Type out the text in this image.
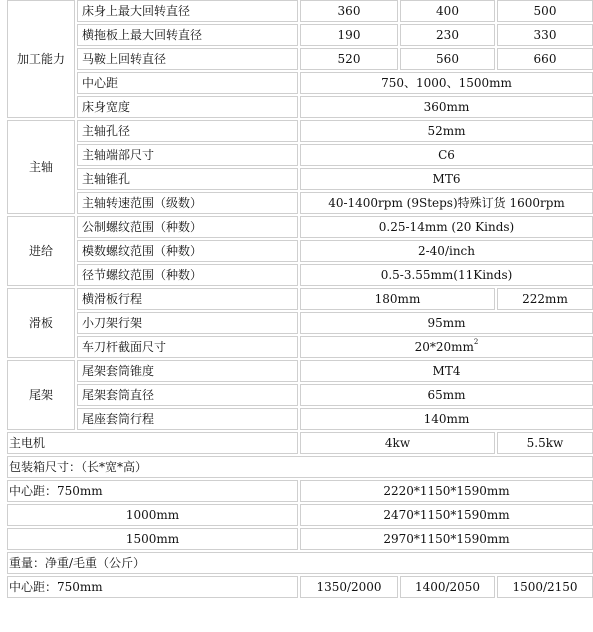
加工能力	床身上最大回转直径	360	400	500
	横拖板上最大回转直径	190	230	330
	马鞍上回转直径	520	560	660
	中心距	750、1000、1500mm		
	床身宽度	360mm		
主轴	主轴孔径	52mm		
	主轴端部尺寸	C6		
	主轴锥孔	MT6		
	主轴转速范围（级数）	40-1400rpm (9Steps)特殊订货 1600rpm		
进给	公制螺纹范围（种数）	0.25-14mm (20 Kinds)		
	模数螺纹范围（种数）	2-40/inch		
	径节螺纹范围（种数）	0.5-3.55mm(11Kinds)		
滑板	横滑板行程	180mm		222mm
	小刀架行架	95mm		
	车刀杆截面尺寸	$20*20mm^2$
尾架	尾架套筒锥度	MT4		
	尾架套筒直径	65mm		
	尾座套筒行程	140mm		
主电机		4kw		5.5kw
包装箱尺寸：（长*宽*高）				
中心距：750mm		2220*1150*1590mm		
1000mm		2470*1150*1590mm		
1500mm		2970*1150*1590mm		
重量：净重/毛重（公斤）				
中心距：750mm		1350/2000	1400/2050	1500/2150
